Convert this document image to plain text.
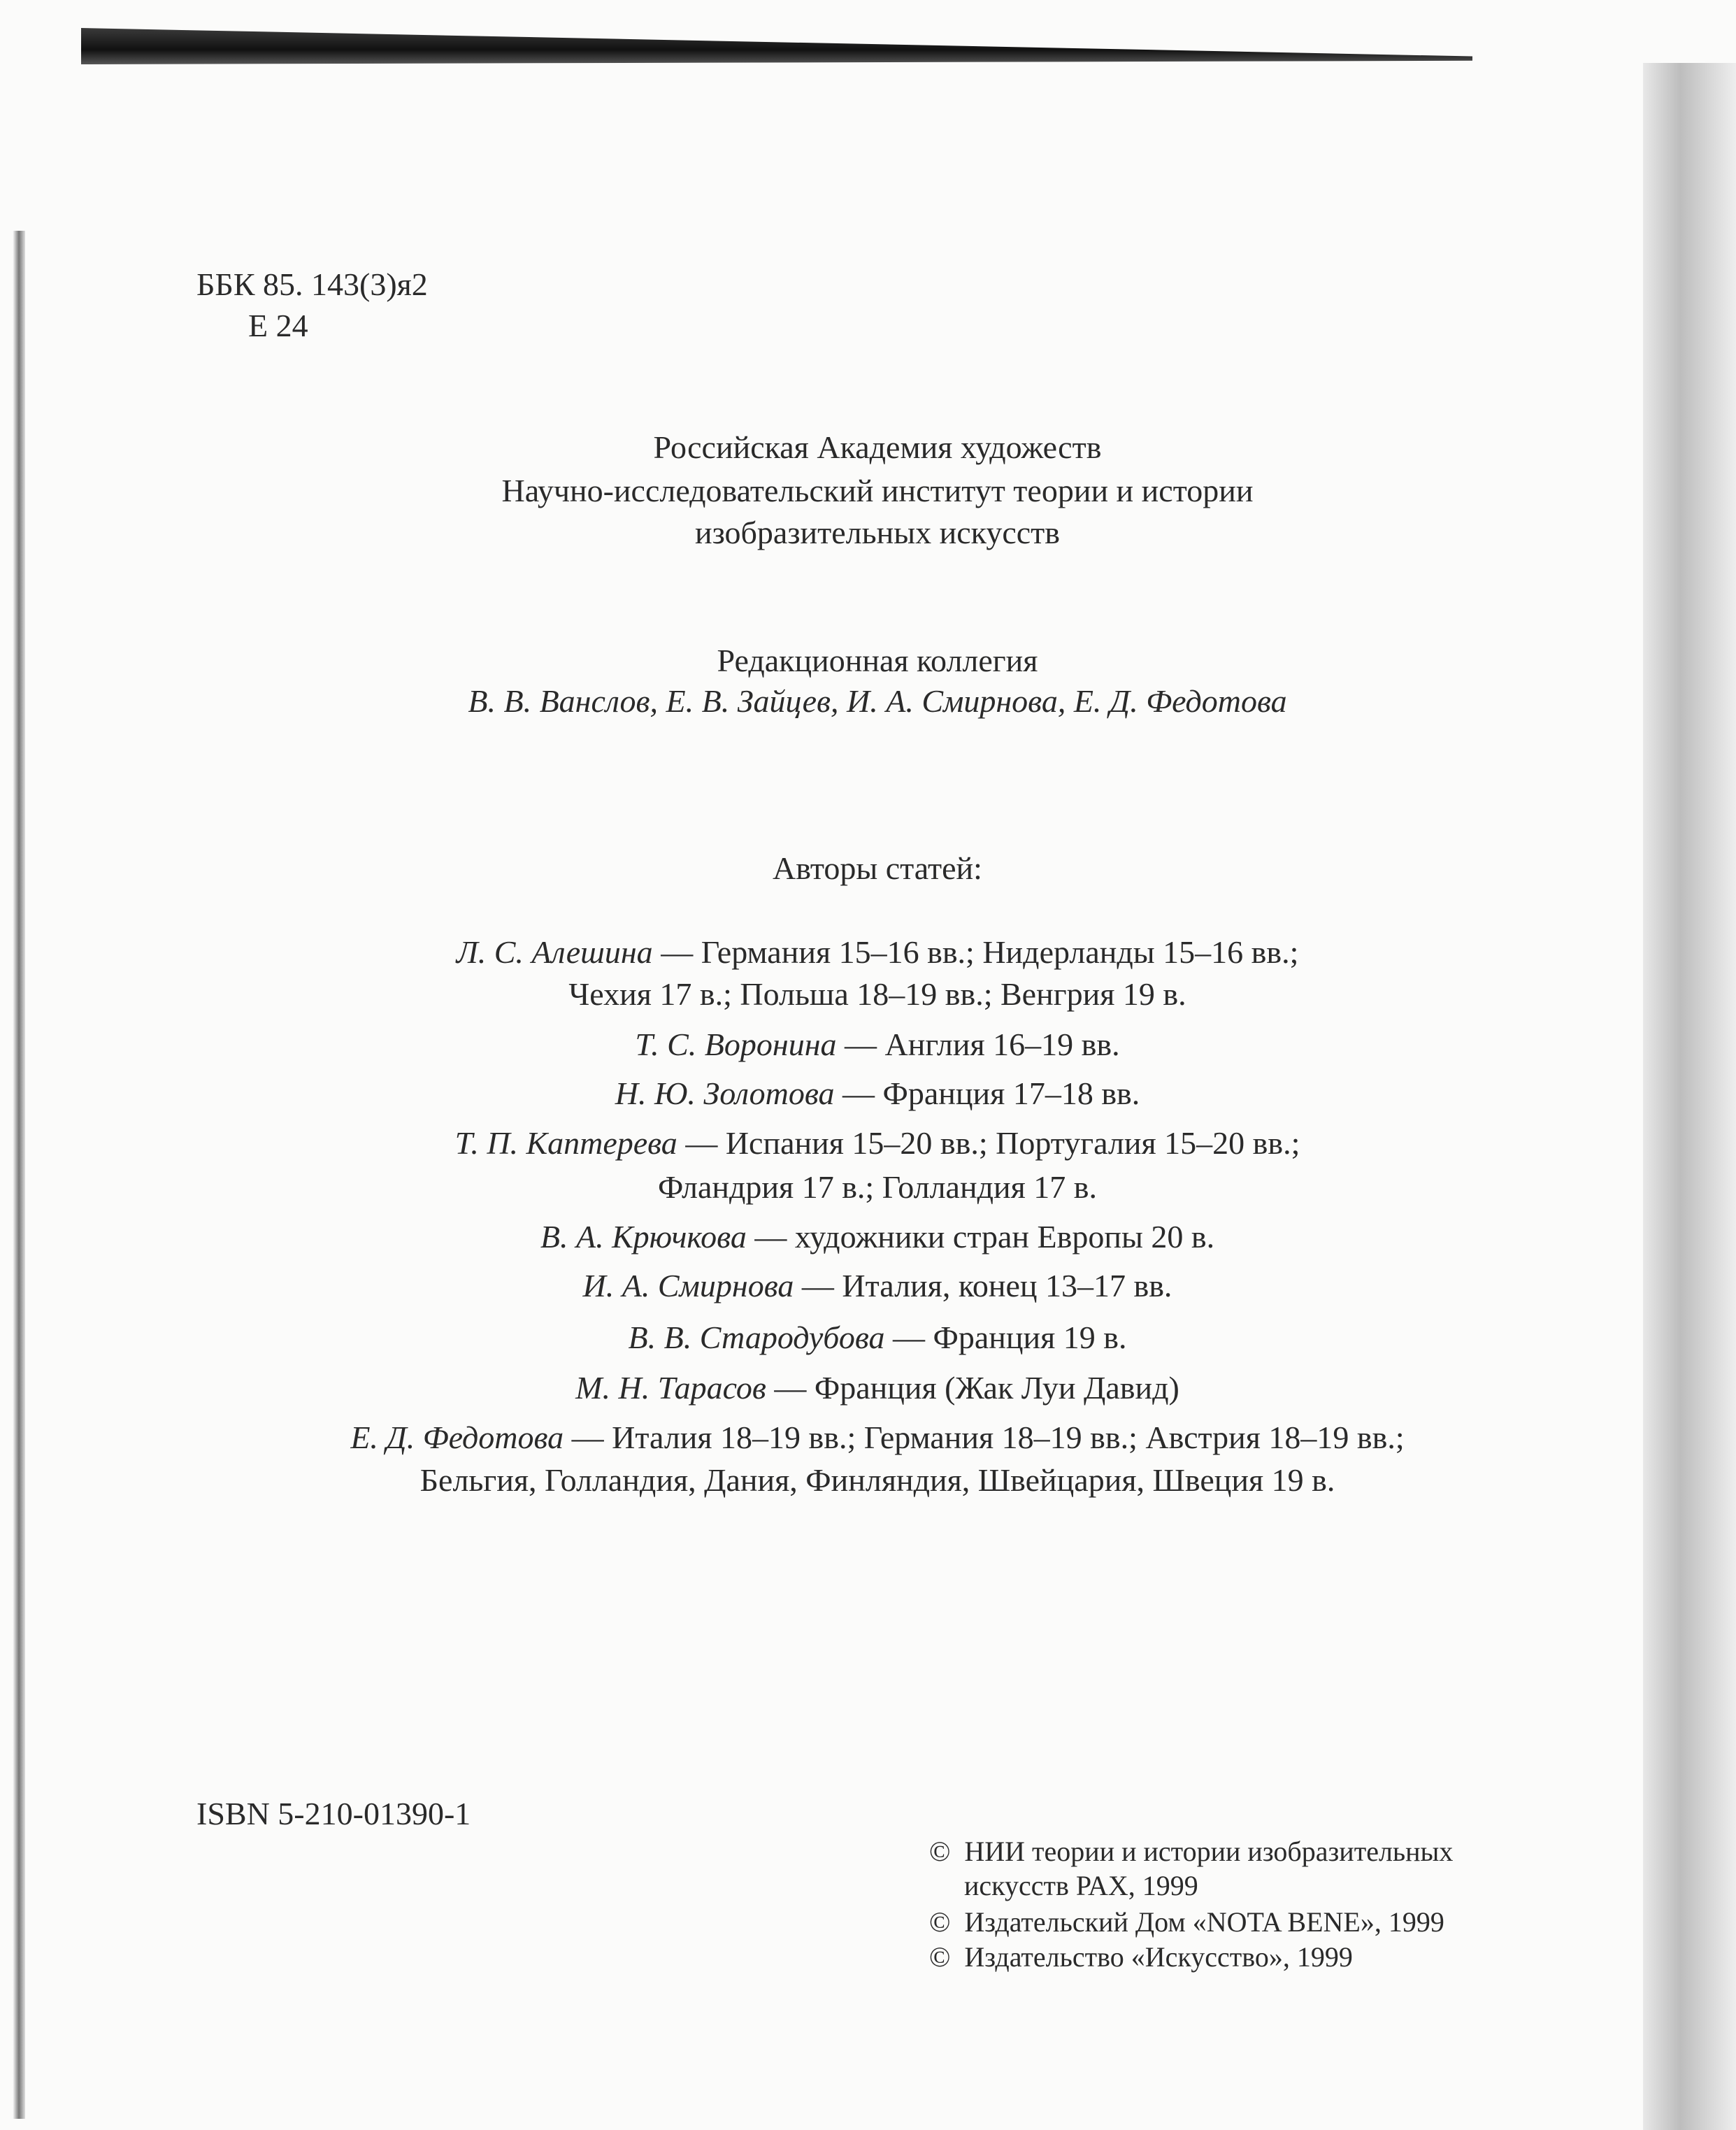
ББК 85. 143(3)я2
Е 24
Российская Академия художеств
Научно-исследовательский институт теории и истории
изобразительных искусств
Редакционная коллегия
В. В. Ванслов, Е. В. Зайцев, И. А. Смирнова, Е. Д. Федотова
Авторы статей:
Л. С. Алешина — Германия 15–16 вв.; Нидерланды 15–16 вв.;
Чехия 17 в.; Польша 18–19 вв.; Венгрия 19 в.
Т. С. Воронина — Англия 16–19 вв.
Н. Ю. Золотова — Франция 17–18 вв.
Т. П. Каптерева — Испания 15–20 вв.; Португалия 15–20 вв.;
Фландрия 17 в.; Голландия 17 в.
В. А. Крючкова — художники стран Европы 20 в.
И. А. Смирнова — Италия, конец 13–17 вв.
В. В. Стародубова — Франция 19 в.
М. Н. Тарасов — Франция (Жак Луи Давид)
Е. Д. Федотова — Италия 18–19 вв.; Германия 18–19 вв.; Австрия 18–19 вв.;
Бельгия, Голландия, Дания, Финляндия, Швейцария, Швеция 19 в.
ISBN 5-210-01390-1
©  НИИ теории и истории изобразительных
искусств РАХ, 1999
©  Издательский Дом «NOTA BENE», 1999
©  Издательство «Искусство», 1999
